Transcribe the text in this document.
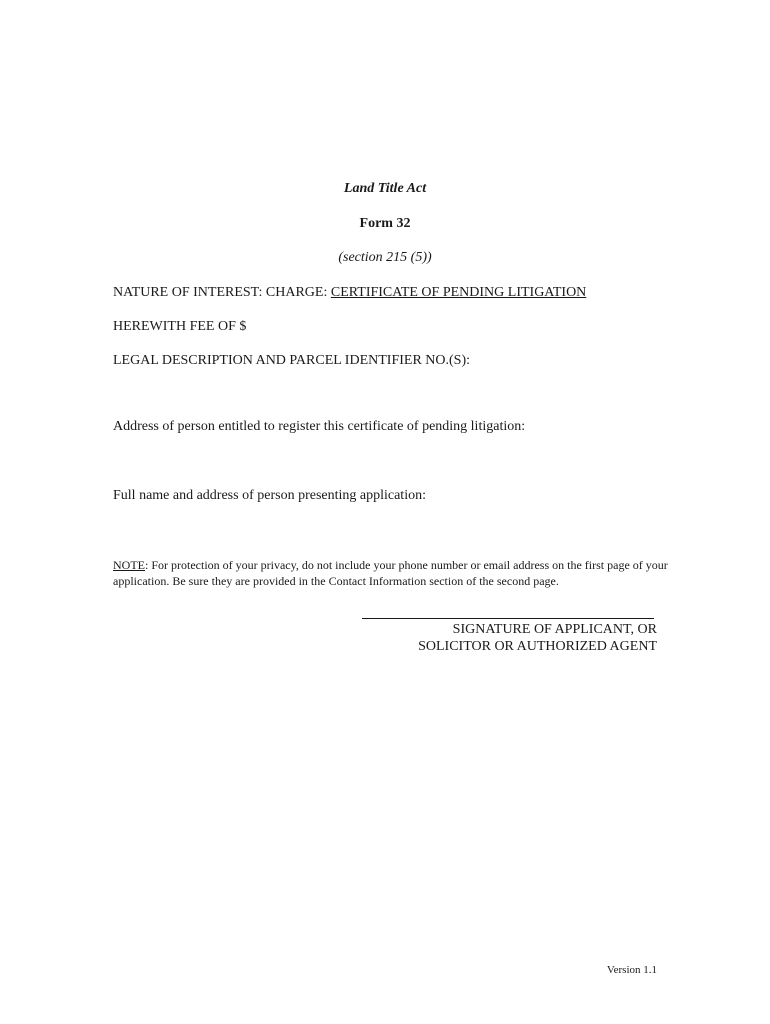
Land Title Act
Form 32
(section 215 (5))
NATURE OF INTEREST: CHARGE: CERTIFICATE OF PENDING LITIGATION
HEREWITH FEE OF $
LEGAL DESCRIPTION AND PARCEL IDENTIFIER NO.(S):
Address of person entitled to register this certificate of pending litigation:
Full name and address of person presenting application:
NOTE: For protection of your privacy, do not include your phone number or email address on the first page of your application. Be sure they are provided in the Contact Information section of the second page.
SIGNATURE OF APPLICANT, OR
SOLICITOR OR AUTHORIZED AGENT
Version 1.1
